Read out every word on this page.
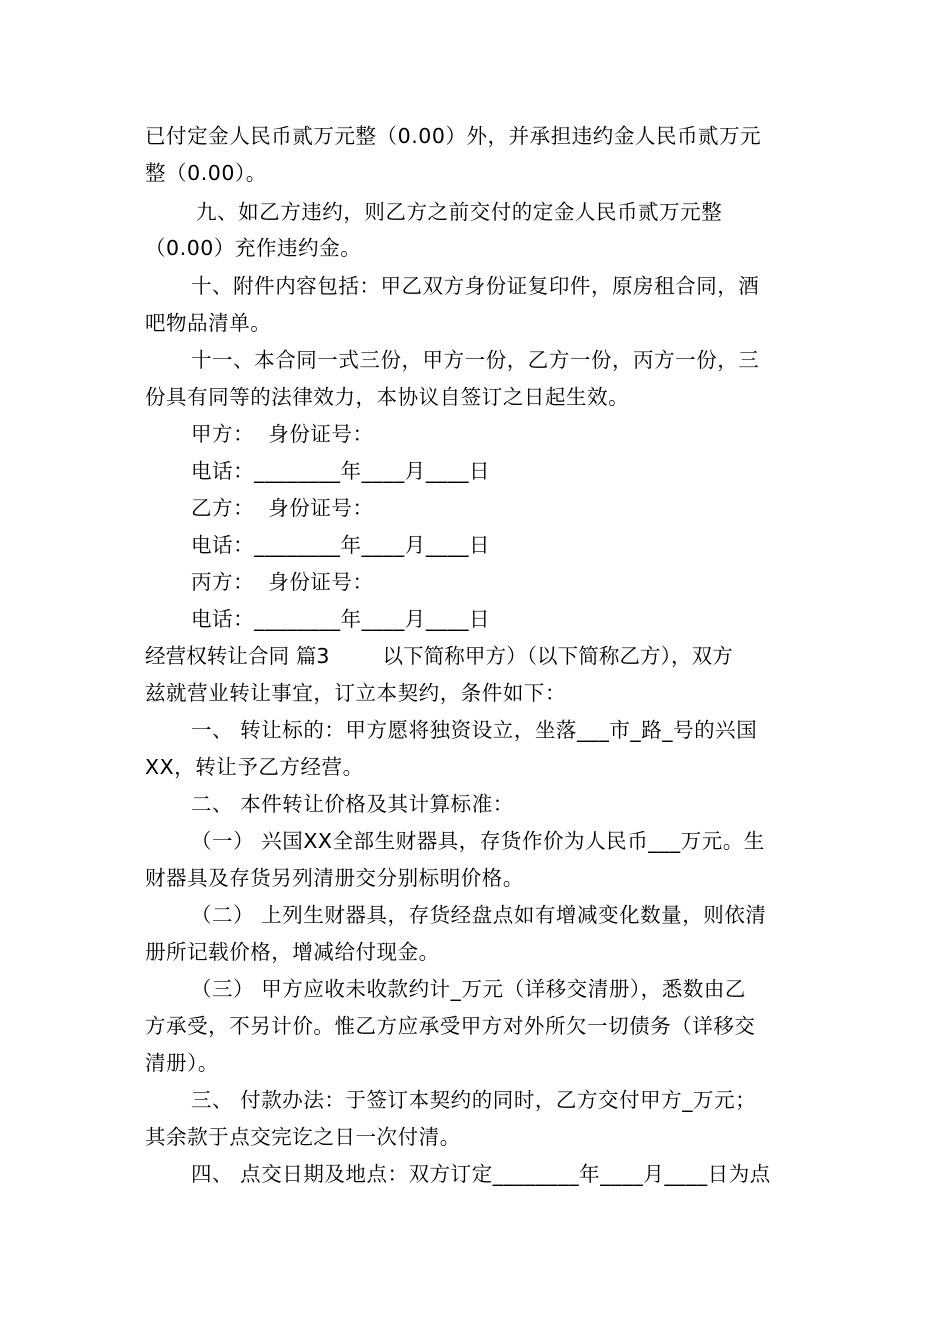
已付定金人民币贰万元整（0.00）外，并承担违约金人民币贰万元
整（0.00）。
九、如乙方违约，则乙方之前交付的定金人民币贰万元整
（0.00）充作违约金。
十、附件内容包括：甲乙双方身份证复印件，原房租合同，酒
吧物品清单。
十一、本合同一式三份，甲方一份，乙方一份，丙方一份，三
份具有同等的法律效力，本协议自签订之日起生效。
甲方：  身份证号：
电话：________年____月____日
乙方：  身份证号：
电话：________年____月____日
丙方：  身份证号：
电话：________年____月____日
经营权转让合同 篇3        以下简称甲方）（以下简称乙方），双方
兹就营业转让事宜，订立本契约，条件如下：
一、 转让标的：甲方愿将独资设立，坐落___市_路_号的兴国
XX，转让予乙方经营。
二、 本件转让价格及其计算标准：
（一） 兴国XX全部生财器具，存货作价为人民币___万元。生
财器具及存货另列清册交分别标明价格。
（二） 上列生财器具，存货经盘点如有增减变化数量，则依清
册所记载价格，增减给付现金。
（三） 甲方应收未收款约计_万元（详移交清册），悉数由乙
方承受，不另计价。惟乙方应承受甲方对外所欠一切债务（详移交
清册）。
三、 付款办法：于签订本契约的同时，乙方交付甲方_万元；
其余款于点交完讫之日一次付清。
四、 点交日期及地点：双方订定________年____月____日为点
